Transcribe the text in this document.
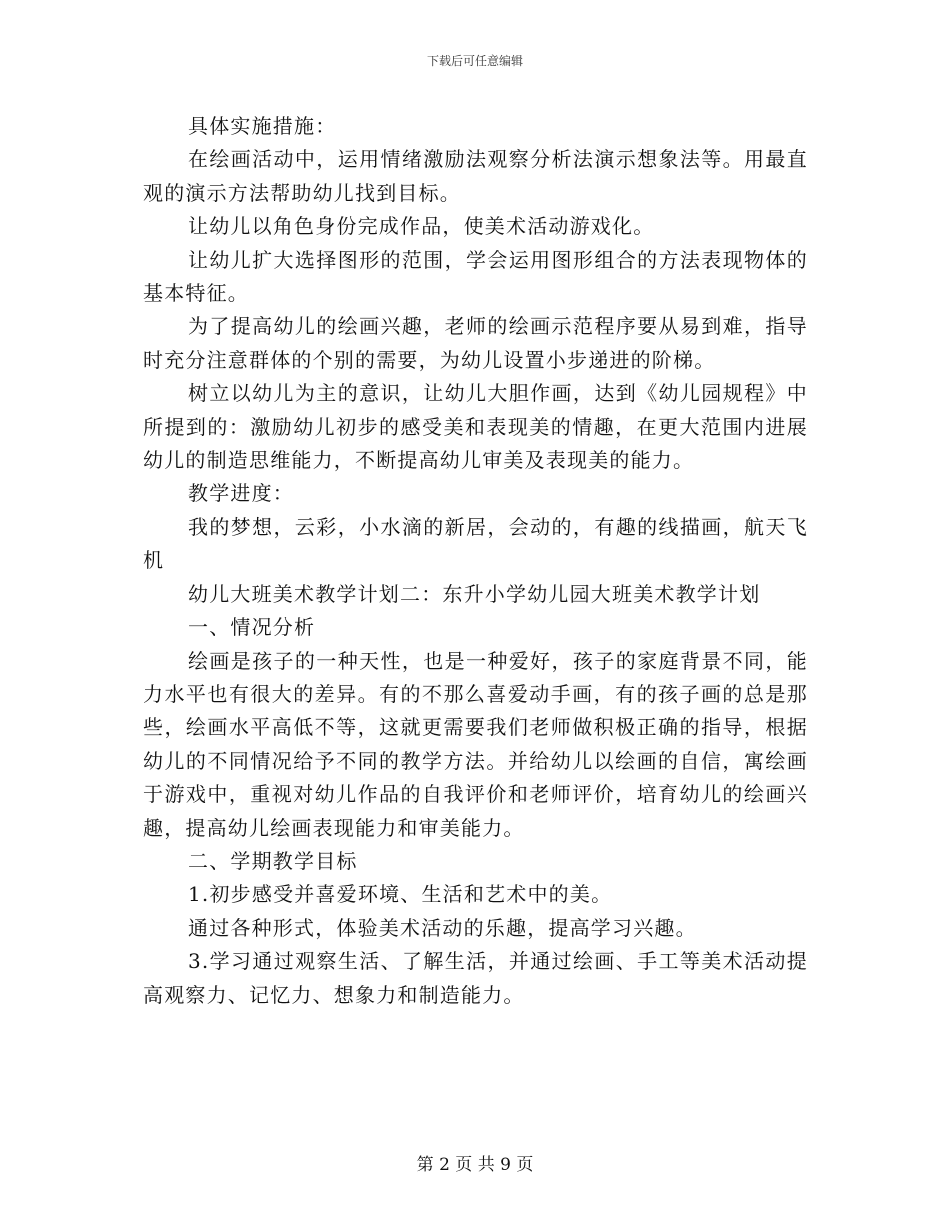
下载后可任意编辑

具体实施措施：

在绘画活动中，运用情绪激励法观察分析法演示想象法等。用最直观的演示方法帮助幼儿找到目标。

让幼儿以角色身份完成作品，使美术活动游戏化。

让幼儿扩大选择图形的范围，学会运用图形组合的方法表现物体的基本特征。

为了提高幼儿的绘画兴趣，老师的绘画示范程序要从易到难，指导时充分注意群体的个别的需要，为幼儿设置小步递进的阶梯。

树立以幼儿为主的意识，让幼儿大胆作画，达到《幼儿园规程》中所提到的：激励幼儿初步的感受美和表现美的情趣，在更大范围内进展幼儿的制造思维能力，不断提高幼儿审美及表现美的能力。

教学进度：

我的梦想，云彩，小水滴的新居，会动的，有趣的线描画，航天飞机

幼儿大班美术教学计划二：东升小学幼儿园大班美术教学计划

一、情况分析

绘画是孩子的一种天性，也是一种爱好，孩子的家庭背景不同，能力水平也有很大的差异。有的不那么喜爱动手画，有的孩子画的总是那些，绘画水平高低不等，这就更需要我们老师做积极正确的指导，根据幼儿的不同情况给予不同的教学方法。并给幼儿以绘画的自信，寓绘画于游戏中，重视对幼儿作品的自我评价和老师评价，培育幼儿的绘画兴趣，提高幼儿绘画表现能力和审美能力。

二、学期教学目标

1.初步感受并喜爱环境、生活和艺术中的美。

通过各种形式，体验美术活动的乐趣，提高学习兴趣。

3.学习通过观察生活、了解生活，并通过绘画、手工等美术活动提高观察力、记忆力、想象力和制造能力。

第 2 页 共 9 页
